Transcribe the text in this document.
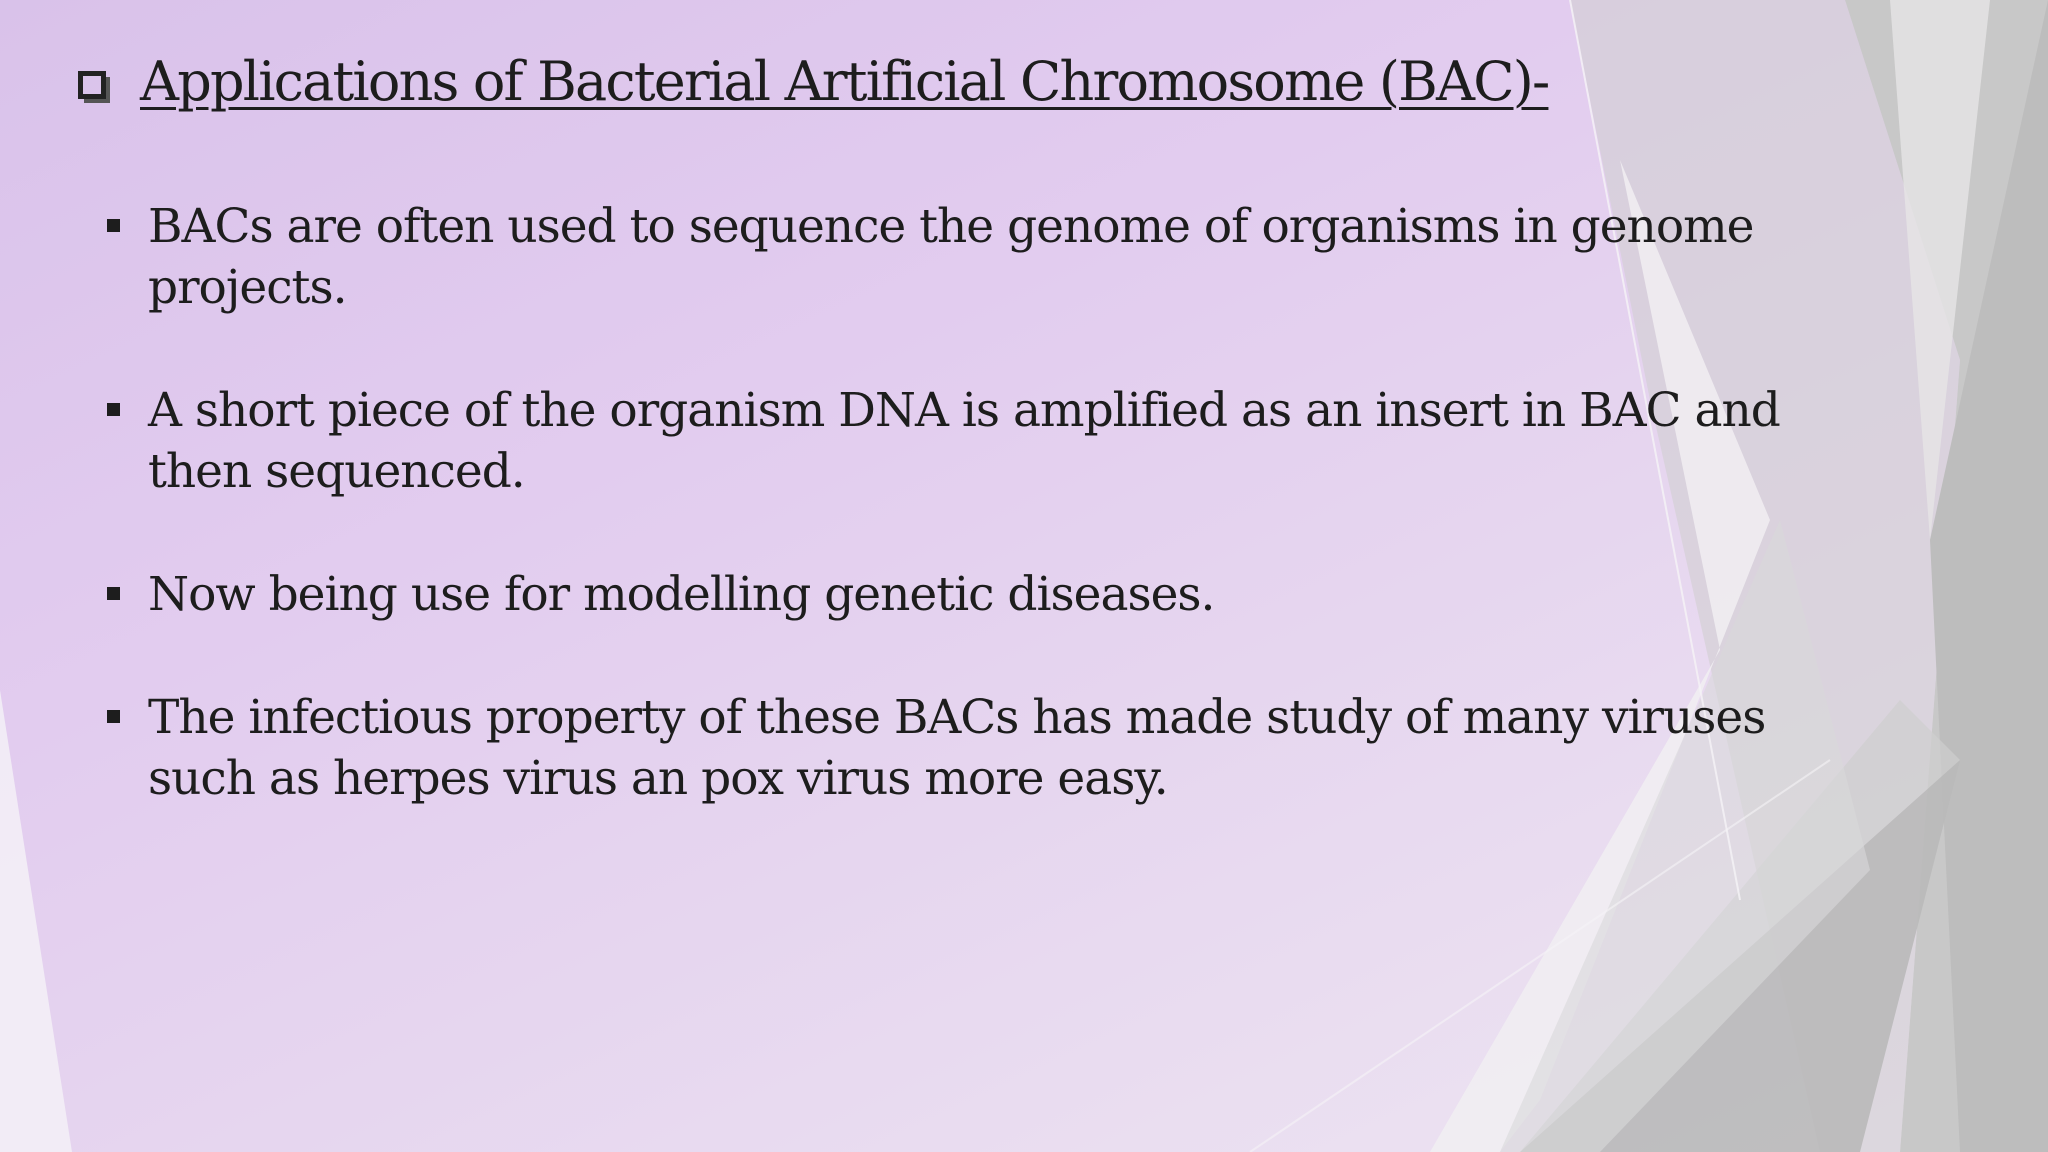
Applications of Bacterial Artificial Chromosome (BAC)-
BACs are often used to sequence the genome of organisms in genome projects.
A short piece of the organism DNA is amplified as an insert in BAC and then sequenced.
Now being use for modelling genetic diseases.
The infectious property of these BACs has made study of many viruses such as herpes virus an pox virus more easy.
